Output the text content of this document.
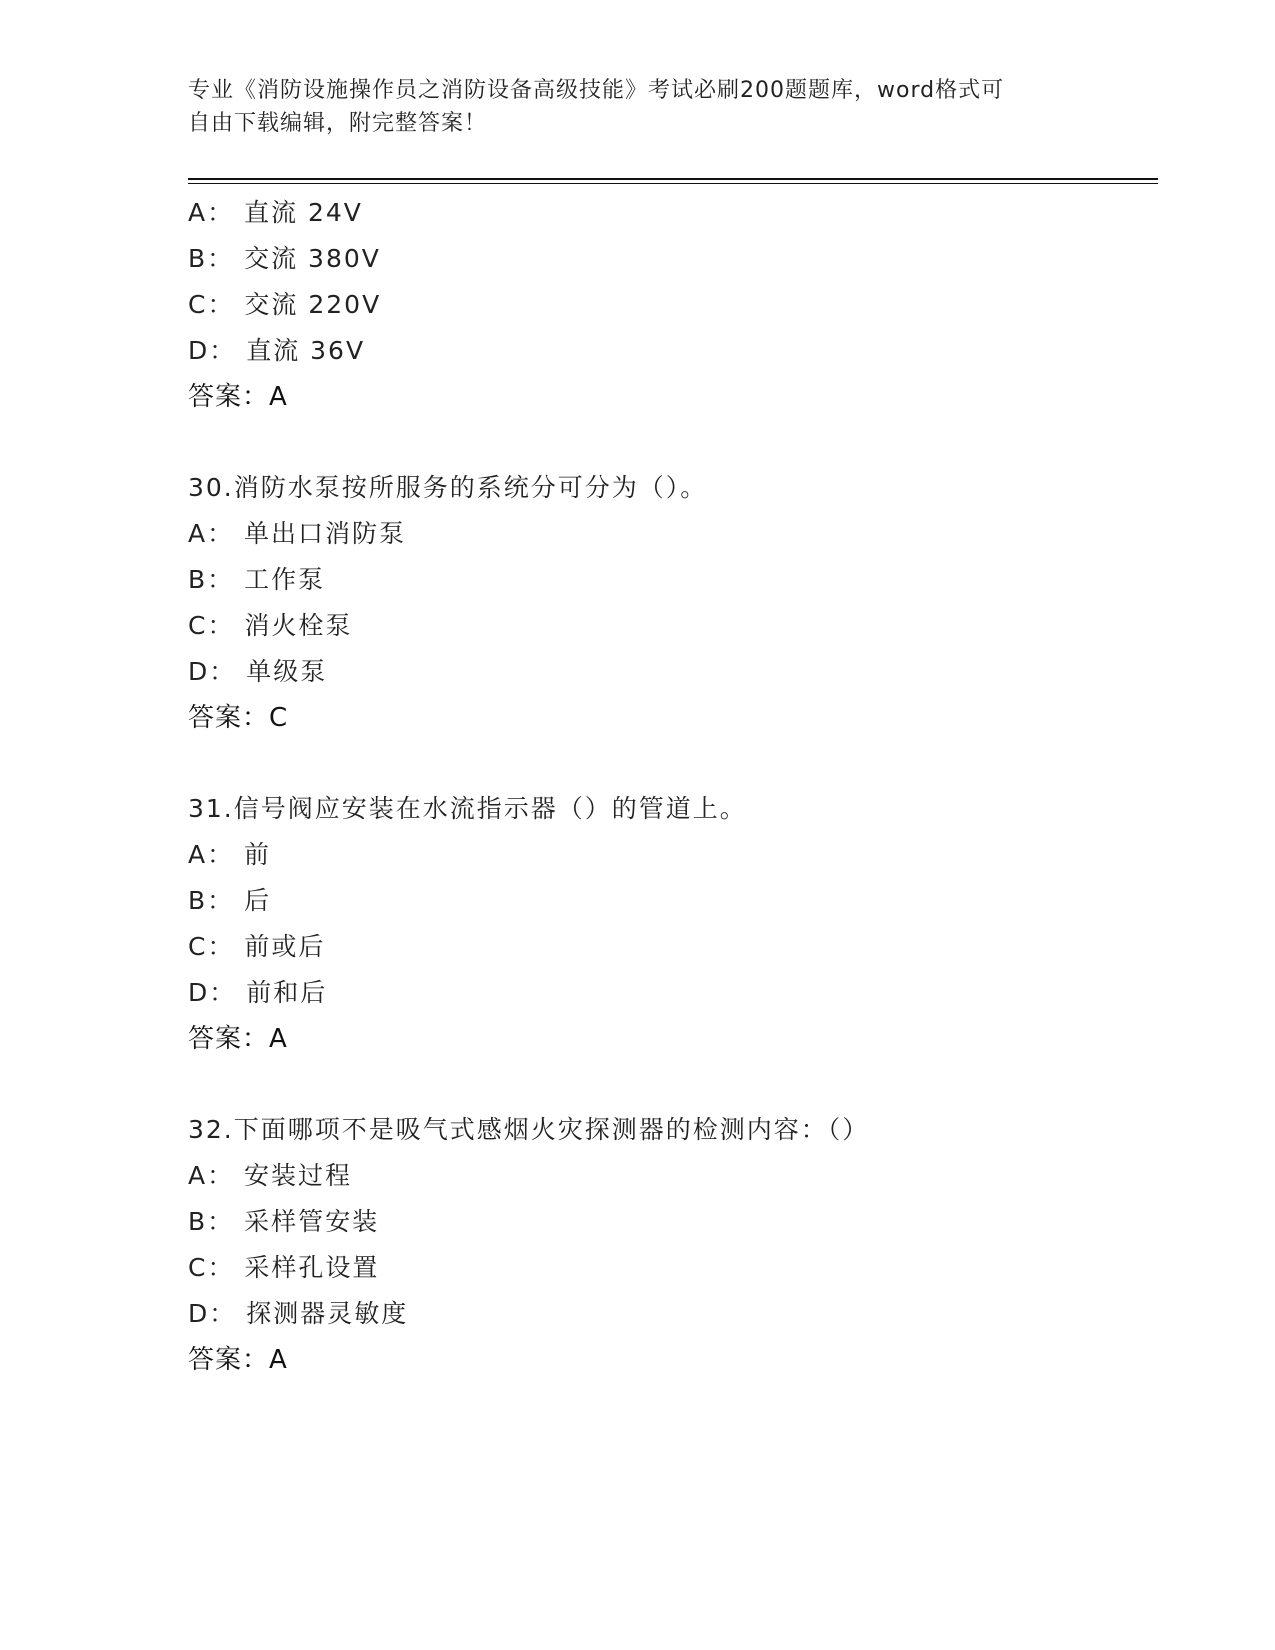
专业《消防设施操作员之消防设备高级技能》考试必刷200题题库，word格式可
自由下载编辑，附完整答案！
A： 直流 24V
B： 交流 380V
C： 交流 220V
D： 直流 36V
答案：A
30.消防水泵按所服务的系统分可分为（）。
A： 单出口消防泵
B： 工作泵
C： 消火栓泵
D： 单级泵
答案：C
31.信号阀应安装在水流指示器（）的管道上。
A： 前
B： 后
C： 前或后
D： 前和后
答案：A
32.下面哪项不是吸气式感烟火灾探测器的检测内容：（）
A： 安装过程
B： 采样管安装
C： 采样孔设置
D： 探测器灵敏度
答案：A
